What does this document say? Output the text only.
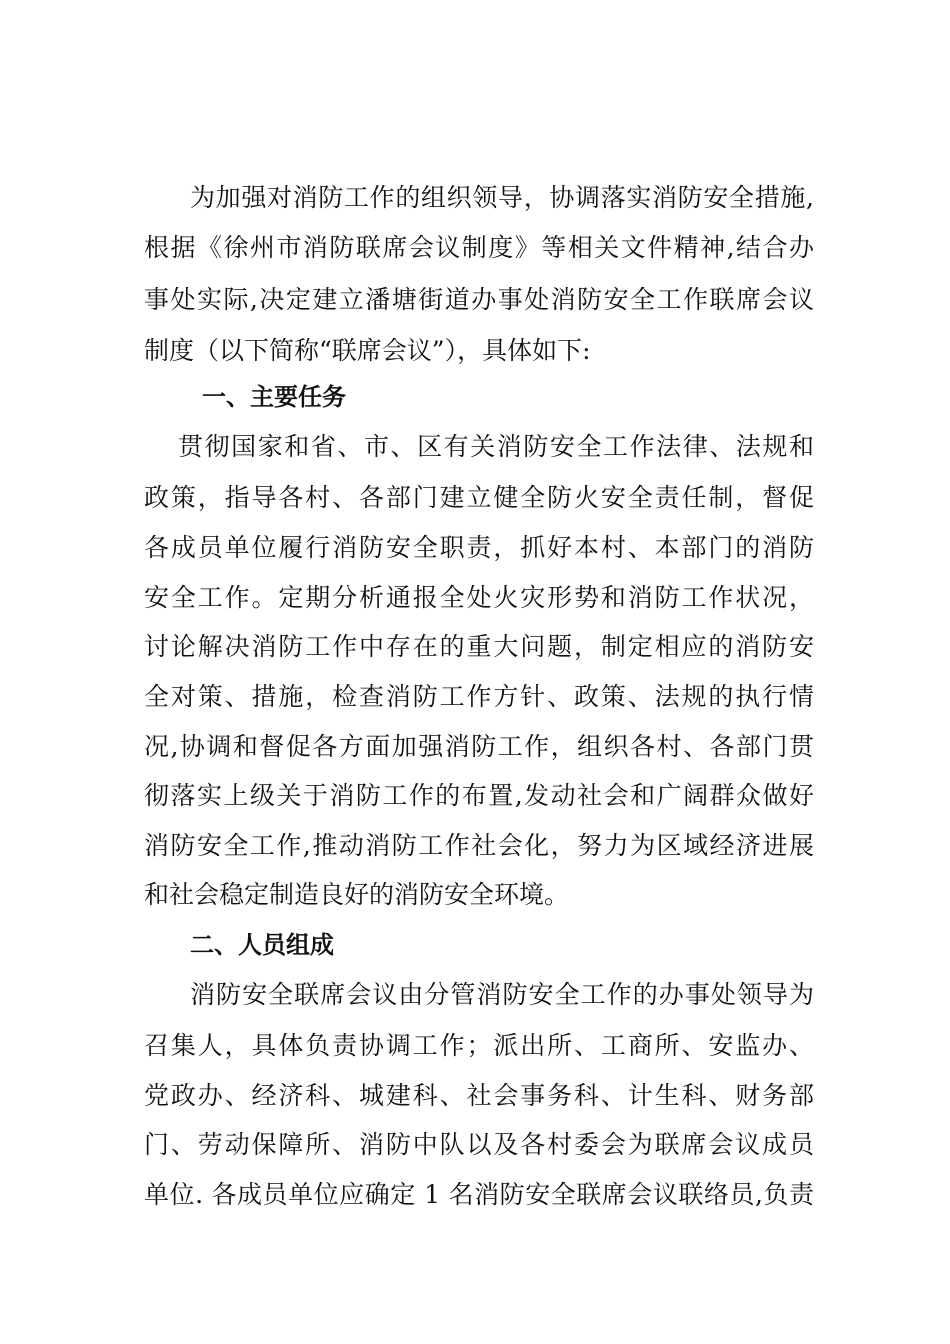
为加强对消防工作的组织领导，协调落实消防安全措施,
根据《徐州市消防联席会议制度》等相关文件精神,结合办
事处实际,决定建立潘塘街道办事处消防安全工作联席会议
制度（以下简称“联席会议”），具体如下:
一、主要任务
贯彻国家和省、市、区有关消防安全工作法律、法规和
政策，指导各村、各部门建立健全防火安全责任制，督促
各成员单位履行消防安全职责，抓好本村、本部门的消防
安全工作。定期分析通报全处火灾形势和消防工作状况，
讨论解决消防工作中存在的重大问题，制定相应的消防安
全对策、措施，检查消防工作方针、政策、法规的执行情
况,协调和督促各方面加强消防工作，组织各村、各部门贯
彻落实上级关于消防工作的布置,发动社会和广阔群众做好
消防安全工作,推动消防工作社会化，努力为区域经济进展
和社会稳定制造良好的消防安全环境。
二、人员组成
消防安全联席会议由分管消防安全工作的办事处领导为
召集人，具体负责协调工作；派出所、工商所、安监办、
党政办、经济科、城建科、社会事务科、计生科、财务部
门、劳动保障所、消防中队以及各村委会为联席会议成员
单位. 各成员单位应确定 1 名消防安全联席会议联络员,负责
